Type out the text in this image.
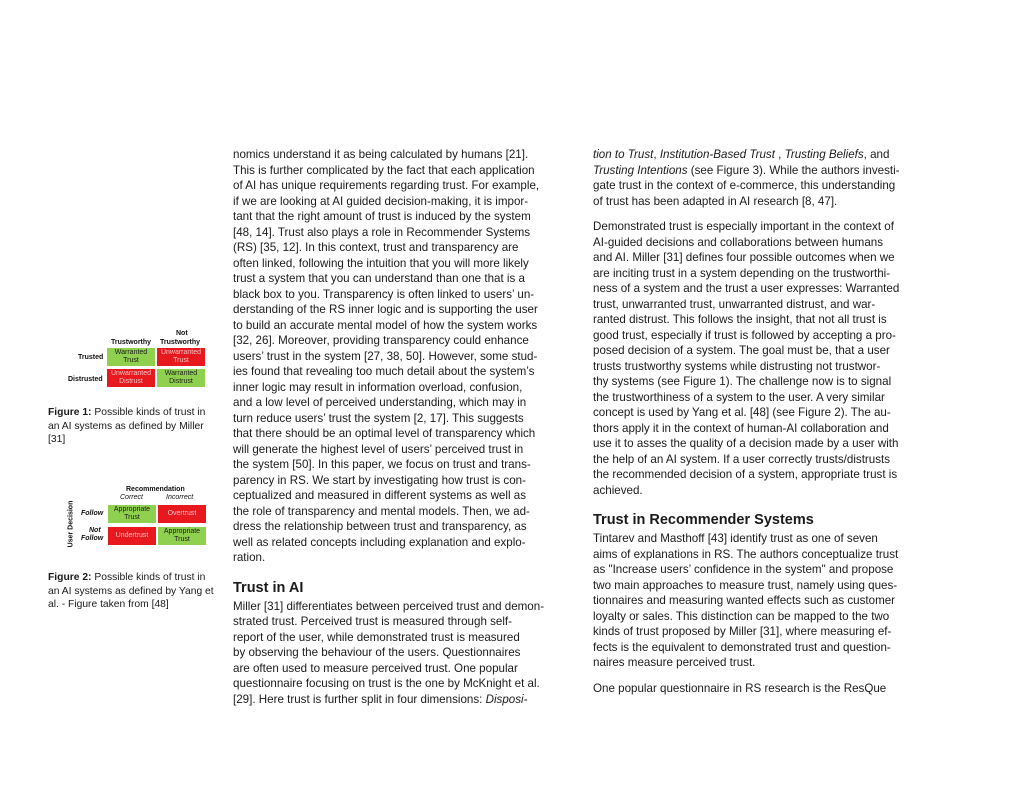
Trustworthy
Not
Trustworthy
Trusted
Distrusted
Warranted Trust
Unwarranted Trust
Unwarranted Distrust
Warranted Distrust
Figure 1: Possible kinds of trust in an AI systems as defined by Miller [31]
Recommendation
Correct	Incorrect
User Decision Follow
Not
Follow
Appropriate Trust
Overtrust
Undertrust
Appropriate Trust
Figure 2: Possible kinds of trust in an AI systems as defined by Yang et al. - Figure taken from [48]

nomics understand it as being calculated by humans [21].
This is further complicated by the fact that each application
of AI has unique requirements regarding trust. For example,
if we are looking at AI guided decision-making, it is impor-
tant that the right amount of trust is induced by the system
[48, 14]. Trust also plays a role in Recommender Systems
(RS) [35, 12]. In this context, trust and transparency are
often linked, following the intuition that you will more likely
trust a system that you can understand than one that is a
black box to you. Transparency is often linked to users’ un-
derstanding of the RS inner logic and is supporting the user
to build an accurate mental model of how the system works
[32, 26]. Moreover, providing transparency could enhance
users’ trust in the system [27, 38, 50]. However, some stud-
ies found that revealing too much detail about the system’s
inner logic may result in information overload, confusion,
and a low level of perceived understanding, which may in
turn reduce users’ trust the system [2, 17]. This suggests
that there should be an optimal level of transparency which
will generate the highest level of users’ perceived trust in
the system [50]. In this paper, we focus on trust and trans-
parency in RS. We start by investigating how trust is con-
ceptualized and measured in different systems as well as
the role of transparency and mental models. Then, we ad-
dress the relationship between trust and transparency, as
well as related concepts including explanation and explo-
ration.

Trust in AI

Miller [31] differentiates between perceived trust and demon-
strated trust. Perceived trust is measured through self-
report of the user, while demonstrated trust is measured
by observing the behaviour of the users. Questionnaires
are often used to measure perceived trust. One popular
questionnaire focusing on trust is the one by McKnight et al.
[29]. Here trust is further split in four dimensions: Disposi-

tion to Trust, Institution-Based Trust , Trusting Beliefs, and
Trusting Intentions (see Figure 3). While the authors investi-
gate trust in the context of e-commerce, this understanding
of trust has been adapted in AI research [8, 47].

Demonstrated trust is especially important in the context of
AI-guided decisions and collaborations between humans
and AI. Miller [31] defines four possible outcomes when we
are inciting trust in a system depending on the trustworthi-
ness of a system and the trust a user expresses: Warranted
trust, unwarranted trust, unwarranted distrust, and war-
ranted distrust. This follows the insight, that not all trust is
good trust, especially if trust is followed by accepting a pro-
posed decision of a system. The goal must be, that a user
trusts trustworthy systems while distrusting not trustwor-
thy systems (see Figure 1). The challenge now is to signal
the trustworthiness of a system to the user. A very similar
concept is used by Yang et al. [48] (see Figure 2). The au-
thors apply it in the context of human-AI collaboration and
use it to asses the quality of a decision made by a user with
the help of an AI system. If a user correctly trusts/distrusts
the recommended decision of a system, appropriate trust is
achieved.

Trust in Recommender Systems

Tintarev and Masthoff [43] identify trust as one of seven
aims of explanations in RS. The authors conceptualize trust
as "Increase users’ confidence in the system" and propose
two main approaches to measure trust, namely using ques-
tionnaires and measuring wanted effects such as customer
loyalty or sales. This distinction can be mapped to the two
kinds of trust proposed by Miller [31], where measuring ef-
fects is the equivalent to demonstrated trust and question-
naires measure perceived trust.

One popular questionnaire in RS research is the ResQue
